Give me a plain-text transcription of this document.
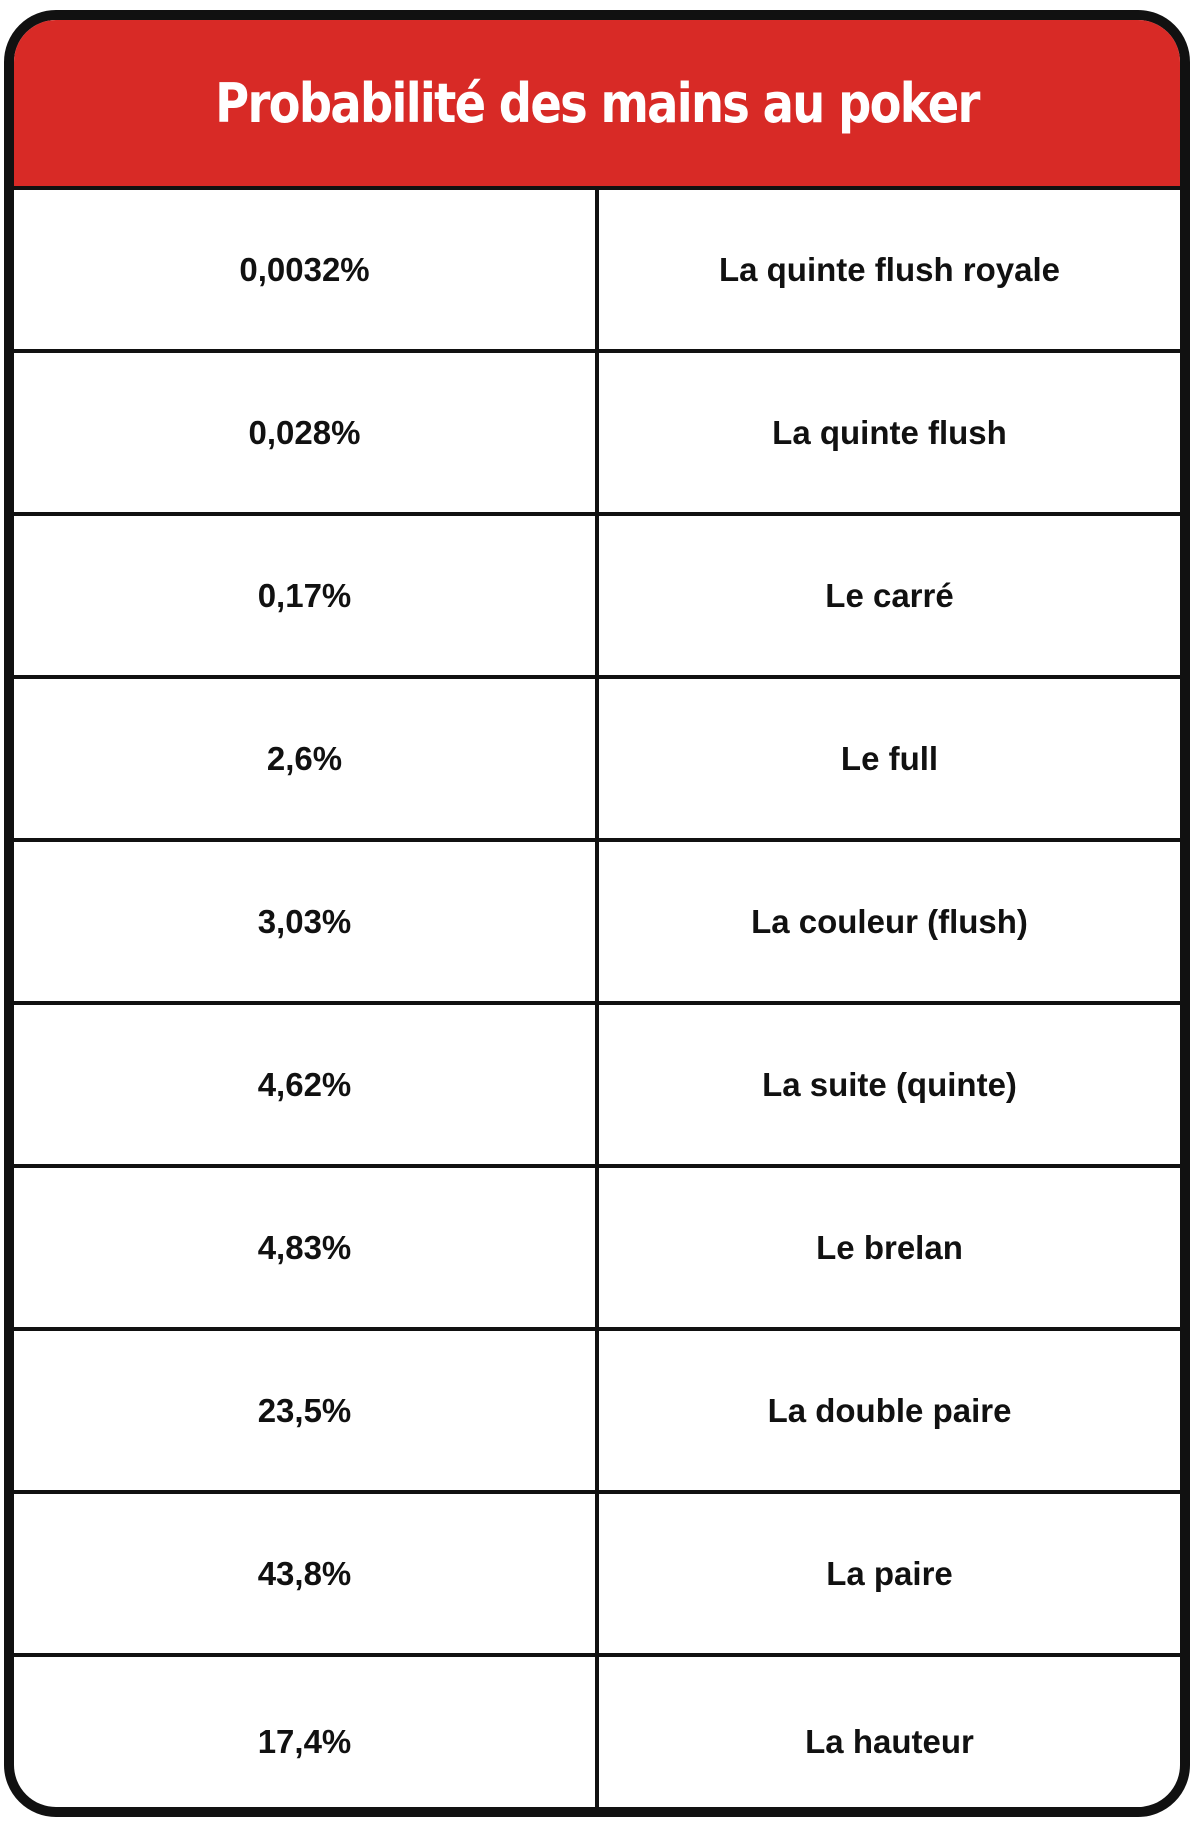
Probabilité des mains au poker
0,0032%	La quinte flush royale
0,028%	La quinte flush
0,17%	Le carré
2,6%	Le full
3,03%	La couleur (flush)
4,62%	La suite (quinte)
4,83%	Le brelan
23,5%	La double paire
43,8%	La paire
17,4%	La hauteur
